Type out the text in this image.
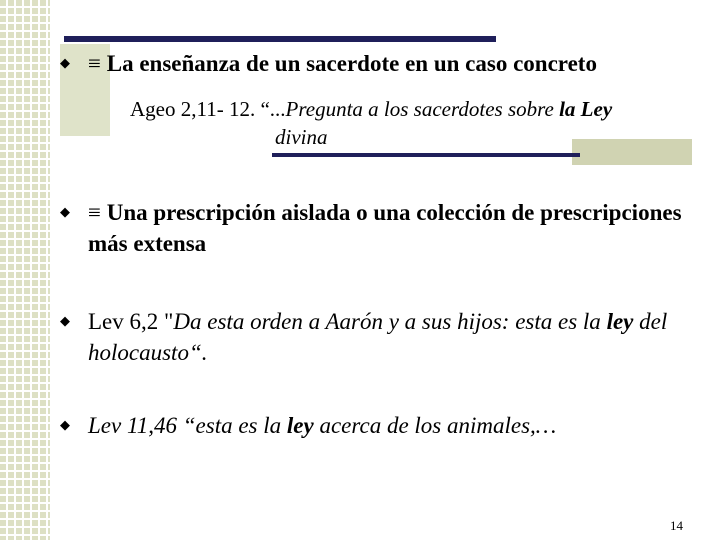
◆ ≡ La enseñanza de un sacerdote en un caso concreto
Ageo 2,11- 12. “...Pregunta a los sacerdotes sobre la Ley
divina
◆ ≡ Una prescripción aislada o una colección de prescripciones más extensa
◆ Lev 6,2 "Da esta orden a Aarón y a sus hijos: esta es la ley del holocausto“.
◆ Lev 11,46 “esta es la ley acerca de los animales,…
14
